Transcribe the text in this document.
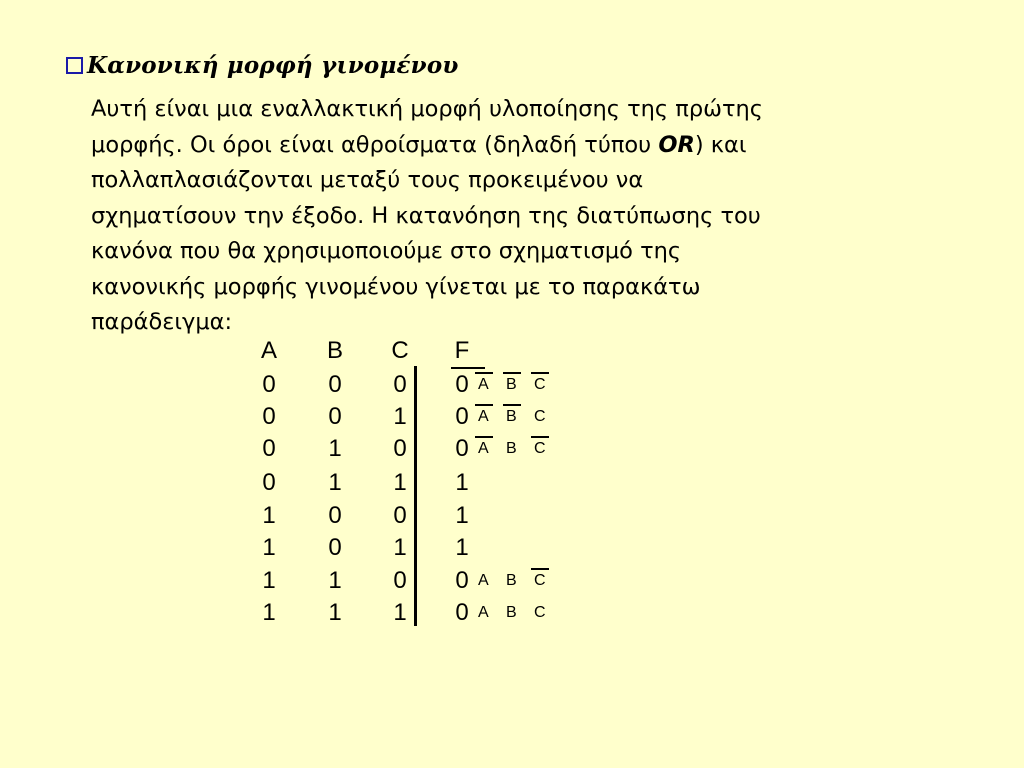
Κανονική μορφή γινομένου
Αυτή είναι μια εναλλακτική μορφή υλοποίησης της πρώτης
μορφής. Οι όροι είναι αθροίσματα (δηλαδή τύπου OR) και
πολλαπλασιάζονται μεταξύ τους προκειμένου να
σχηματίσουν την έξοδο. Η κατανόηση της διατύπωσης του
κανόνα που θα χρησιμοποιούμε στο σχηματισμό της
κανονικής μορφής γινομένου γίνεται με το παρακάτω
παράδειγμα:
A B C	F
0	0	0	0 A B C
0	0	1	0 A B C
0	1	0	0 A B C
0	1	1	1
1	0	0	1
1	0	1	1
1	1	0	0 A B C
1	1	1	0 A B C
